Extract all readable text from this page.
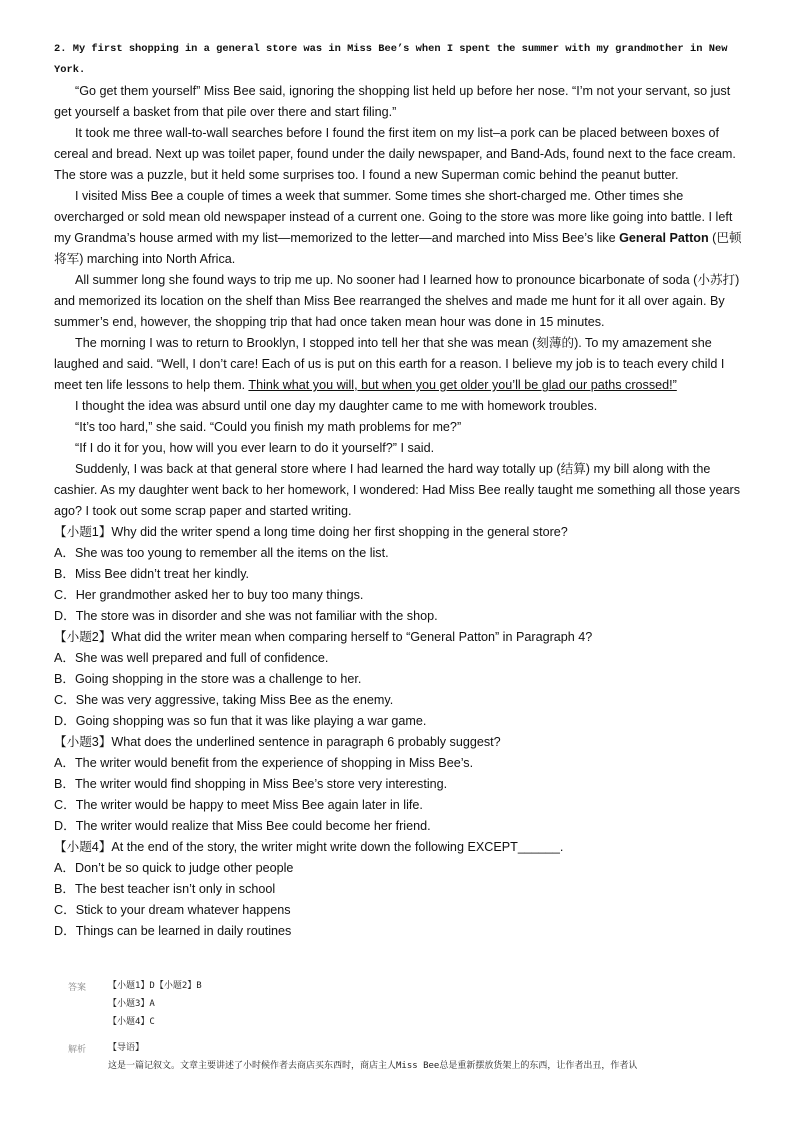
2. My first shopping in a general store was in Miss Bee’s when I spent the summer with my grandmother in New
York.

“Go get them yourself” Miss Bee said, ignoring the shopping list held up before her nose. “I’m not your servant, so just get yourself a basket from that pile over there and start filing.”

It took me three wall-to-wall searches before I found the first item on my list–a pork can be placed between boxes of cereal and bread. Next up was toilet paper, found under the daily newspaper, and Band-Ads, found next to the face cream. The store was a puzzle, but it held some surprises too. I found a new Superman comic behind the peanut butter.

I visited Miss Bee a couple of times a week that summer. Some times she short-charged me. Other times she overcharged or sold mean old newspaper instead of a current one. Going to the store was more like going into battle. I left my Grandma’s house armed with my list—memorized to the letter—and marched into Miss Bee’s like General Patton (巴顿将军) marching into North Africa.

All summer long she found ways to trip me up. No sooner had I learned how to pronounce bicarbonate of soda (小苏打) and memorized its location on the shelf than Miss Bee rearranged the shelves and made me hunt for it all over again. By summer’s end, however, the shopping trip that had once taken mean hour was done in 15 minutes.

The morning I was to return to Brooklyn, I stopped into tell her that she was mean (刻薄的). To my amazement she laughed and said. “Well, I don’t care! Each of us is put on this earth for a reason. I believe my job is to teach every child I meet ten life lessons to help them. Think what you will, but when you get older you’ll be glad our paths crossed!”

I thought the idea was absurd until one day my daughter came to me with homework troubles.

“It’s too hard,” she said. “Could you finish my math problems for me?”

“If I do it for you, how will you ever learn to do it yourself?” I said.

Suddenly, I was back at that general store where I had learned the hard way totally up (结算) my bill along with the cashier. As my daughter went back to her homework, I wondered: Had Miss Bee really taught me something all those years ago? I took out some scrap paper and started writing.

【小题1】Why did the writer spend a long time doing her first shopping in the general store?

A．She was too young to remember all the items on the list.

B．Miss Bee didn’t treat her kindly.

C．Her grandmother asked her to buy too many things.

D．The store was in disorder and she was not familiar with the shop.

【小题2】What did the writer mean when comparing herself to “General Patton” in Paragraph 4?

A．She was well prepared and full of confidence.

B．Going shopping in the store was a challenge to her.

C．She was very aggressive, taking Miss Bee as the enemy.

D．Going shopping was so fun that it was like playing a war game.

【小题3】What does the underlined sentence in paragraph 6 probably suggest?

A．The writer would benefit from the experience of shopping in Miss Bee’s.

B．The writer would find shopping in Miss Bee’s store very interesting.

C．The writer would be happy to meet Miss Bee again later in life.

D．The writer would realize that Miss Bee could become her friend.

【小题4】At the end of the story, the writer might write down the following EXCEPT______.

A．Don’t be so quick to judge other people

B．The best teacher isn’t only in school

C．Stick to your dream whatever happens

D．Things can be learned in daily routines

答案 【小题1】D【小题2】B
【小题3】A
【小题4】C
解析 【导语】
这是一篇记叙文。文章主要讲述了小时候作者去商店买东西时，商店主人Miss Bee总是重新摆放货架上的东西，让作者出丑，作者认
